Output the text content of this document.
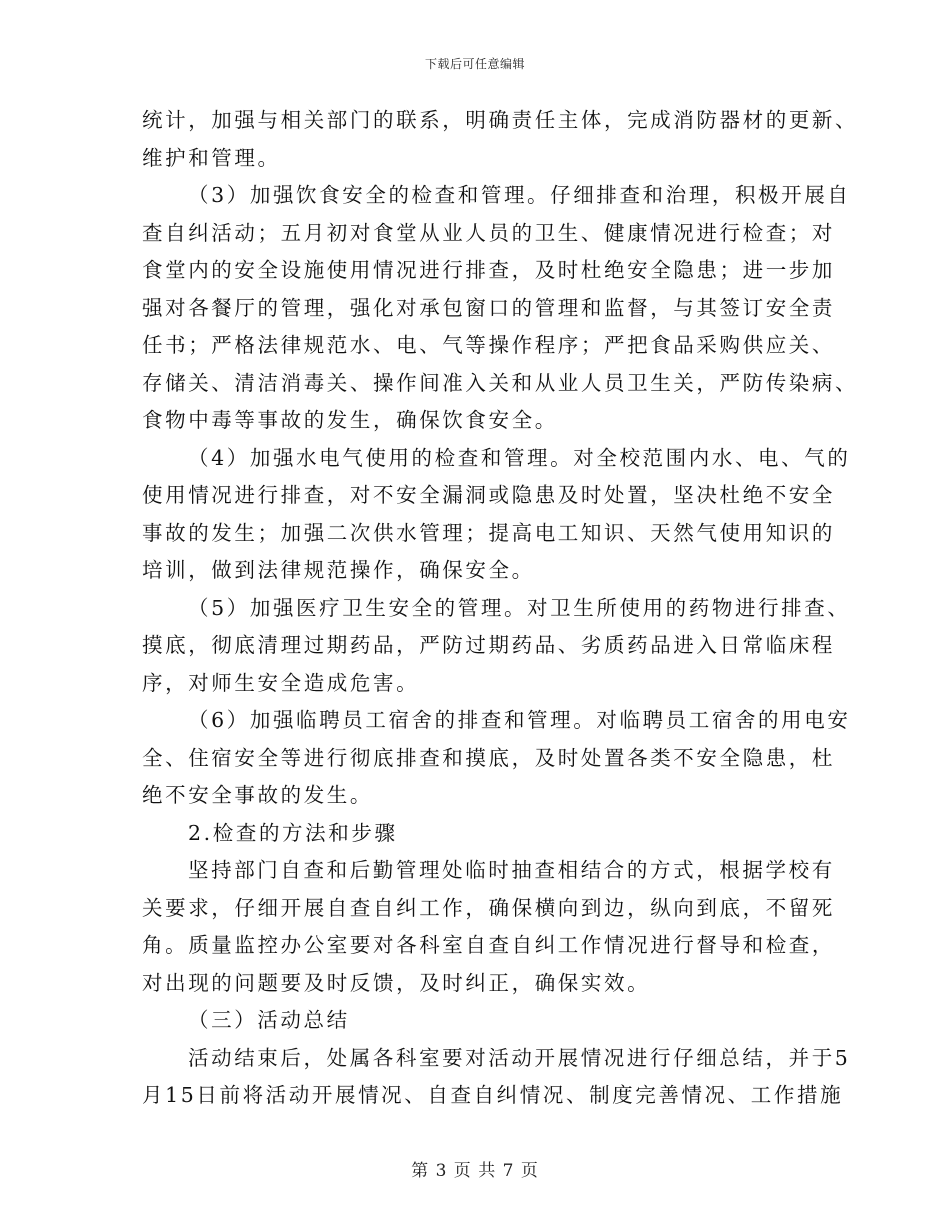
下载后可任意编辑

统计，加强与相关部门的联系，明确责任主体，完成消防器材的更新、
维护和管理。
（3）加强饮食安全的检查和管理。仔细排查和治理，积极开展自
查自纠活动；五月初对食堂从业人员的卫生、健康情况进行检查；对
食堂内的安全设施使用情况进行排查，及时杜绝安全隐患；进一步加
强对各餐厅的管理，强化对承包窗口的管理和监督，与其签订安全责
任书；严格法律规范水、电、气等操作程序；严把食品采购供应关、
存储关、清洁消毒关、操作间准入关和从业人员卫生关，严防传染病、
食物中毒等事故的发生，确保饮食安全。
（4）加强水电气使用的检查和管理。对全校范围内水、电、气的
使用情况进行排查，对不安全漏洞或隐患及时处置，坚决杜绝不安全
事故的发生；加强二次供水管理；提高电工知识、天然气使用知识的
培训，做到法律规范操作，确保安全。
（5）加强医疗卫生安全的管理。对卫生所使用的药物进行排查、
摸底，彻底清理过期药品，严防过期药品、劣质药品进入日常临床程
序，对师生安全造成危害。
（6）加强临聘员工宿舍的排查和管理。对临聘员工宿舍的用电安
全、住宿安全等进行彻底排查和摸底，及时处置各类不安全隐患，杜
绝不安全事故的发生。
2.检查的方法和步骤
坚持部门自查和后勤管理处临时抽查相结合的方式，根据学校有
关要求，仔细开展自查自纠工作，确保横向到边，纵向到底，不留死
角。质量监控办公室要对各科室自查自纠工作情况进行督导和检查，
对出现的问题要及时反馈，及时纠正，确保实效。
（三）活动总结
活动结束后，处属各科室要对活动开展情况进行仔细总结，并于5
月15日前将活动开展情况、自查自纠情况、制度完善情况、工作措施

第 3 页 共 7 页
